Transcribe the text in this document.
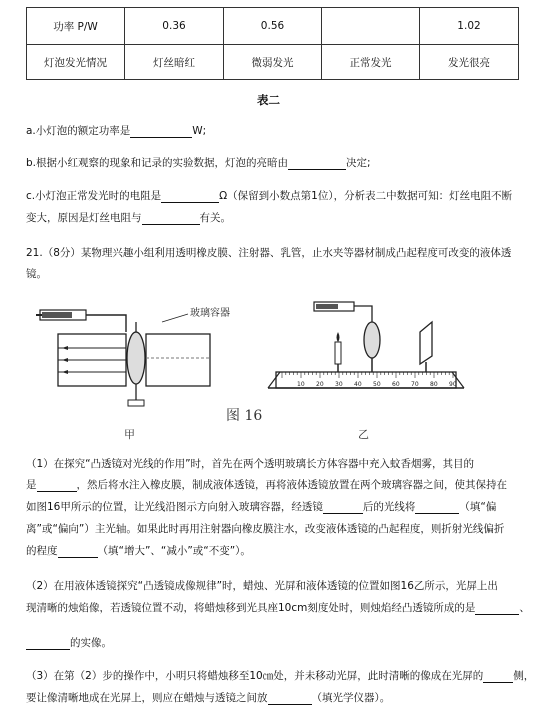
功率 P/W	0.36	0.56		1.02
灯泡发光情况	灯丝暗红	微弱发光	正常发光	发光很亮
表二
a.小灯泡的额定功率是	W;
b.根据小红观察的现象和记录的实验数据，灯泡的亮暗由	决定;
c.小灯泡正常发光时的电阻是	Ω（保留到小数点第1位），分析表二中数据可知：灯丝电阻不断
变大，原因是灯丝电阻与	有关。
21.（8分）某物理兴趣小组利用透明橡皮膜、注射器、乳管，止水夹等器材制成凸起程度可改变的液体透
镜。
玻璃容器
10 20 30 40 50 60 70 80 90
图 16
甲	乙
（1）在探究“凸透镜对光线的作用”时，首先在两个透明玻璃长方体容器中充入蚊香烟雾，其目的
是	，然后将水注入橡皮膜，制成液体透镜，再将液体透镜放置在两个玻璃容器之间，使其保持在
如图16甲所示的位置，让光线沿图示方向射入玻璃容器，经透镜	后的光线将	（填“偏
离”或“偏向”）主光轴。如果此时再用注射器向橡皮膜注水，改变液体透镜的凸起程度，则折射光线偏折
的程度	（填“增大”、“减小”或“不变”）。
（2）在用液体透镜探究“凸透镜成像规律”时，蜡烛、光屏和液体透镜的位置如图16乙所示，光屏上出
现清晰的烛焰像，若透镜位置不动，将蜡烛移到光具座10cm刻度处时，则烛焰经凸透镜所成的是	、
的实像。
（3）在第（2）步的操作中，小明只将蜡烛移至10㎝处，并未移动光屏，此时清晰的像成在光屏的	侧，
要让像清晰地成在光屏上，则应在蜡烛与透镜之间放	（填光学仪器）。
